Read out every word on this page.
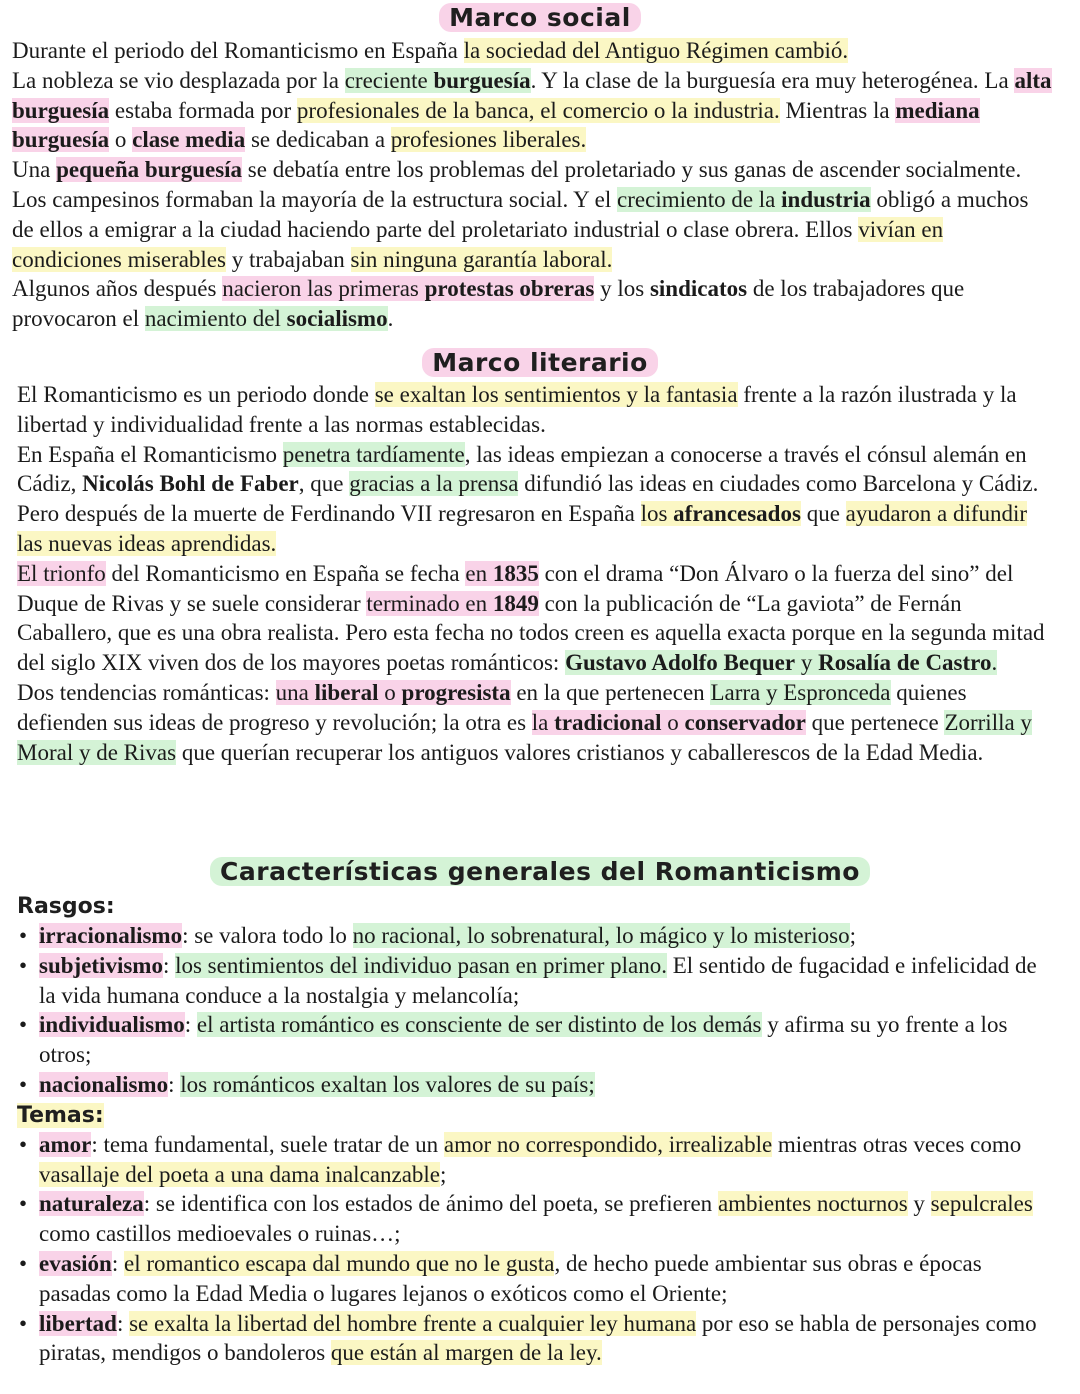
Marco social

Durante el periodo del Romanticismo en España la sociedad del Antiguo Régimen cambió.

La nobleza se vio desplazada por la creciente burguesía. Y la clase de la burguesía era muy heterogénea. La alta burguesía estaba formada por profesionales de la banca, el comercio o la industria. Mientras la mediana burguesía o clase media se dedicaban a profesiones liberales.

Una pequeña burguesía se debatía entre los problemas del proletariado y sus ganas de ascender socialmente. Los campesinos formaban la mayoría de la estructura social. Y el crecimiento de la industria obligó a muchos de ellos a emigrar a la ciudad haciendo parte del proletariato industrial o clase obrera. Ellos vivían en condiciones miserables y trabajaban sin ninguna garantía laboral.

Algunos años después nacieron las primeras protestas obreras y los sindicatos de los trabajadores que provocaron el nacimiento del socialismo.

Marco literario

El Romanticismo es un periodo donde se exaltan los sentimientos y la fantasia frente a la razón ilustrada y la libertad y individualidad frente a las normas establecidas.

En España el Romanticismo penetra tardíamente, las ideas empiezan a conocerse a través el cónsul alemán en Cádiz, Nicolás Bohl de Faber, que gracias a la prensa difundió las ideas en ciudades como Barcelona y Cádiz.

Pero después de la muerte de Ferdinando VII regresaron en España los afrancesados que ayudaron a difundir las nuevas ideas aprendidas.

El trionfo del Romanticismo en España se fecha en 1835 con el drama “Don Álvaro o la fuerza del sino” del Duque de Rivas y se suele considerar terminado en 1849 con la publicación de “La gaviota” de Fernán Caballero, que es una obra realista. Pero esta fecha no todos creen es aquella exacta porque en la segunda mitad del siglo XIX viven dos de los mayores poetas románticos: Gustavo Adolfo Bequer y Rosalía de Castro.

Dos tendencias románticas: una liberal o progresista en la que pertenecen Larra y Espronceda quienes defienden sus ideas de progreso y revolución; la otra es la tradicional o conservador que pertenece Zorrilla y Moral y de Rivas que querían recuperar los antiguos valores cristianos y caballerescos de la Edad Media.

Características generales del Romanticismo
Rasgos:
• irracionalismo: se valora todo lo no racional, lo sobrenatural, lo mágico y lo misterioso;
• subjetivismo: los sentimientos del individuo pasan en primer plano. El sentido de fugacidad e infelicidad de la vida humana conduce a la nostalgia y melancolía;
• individualismo: el artista romántico es consciente de ser distinto de los demás y afirma su yo frente a los otros;
• nacionalismo: los románticos exaltan los valores de su país;
Temas:
• amor: tema fundamental, suele tratar de un amor no correspondido, irrealizable mientras otras veces como vasallaje del poeta a una dama inalcanzable;
• naturaleza: se identifica con los estados de ánimo del poeta, se prefieren ambientes nocturnos y sepulcrales como castillos medioevales o ruinas…;
• evasión: el romantico escapa dal mundo que no le gusta, de hecho puede ambientar sus obras e épocas pasadas como la Edad Media o lugares lejanos o exóticos como el Oriente;
• libertad: se exalta la libertad del hombre frente a cualquier ley humana por eso se habla de personajes como piratas, mendigos o bandoleros que están al margen de la ley.
